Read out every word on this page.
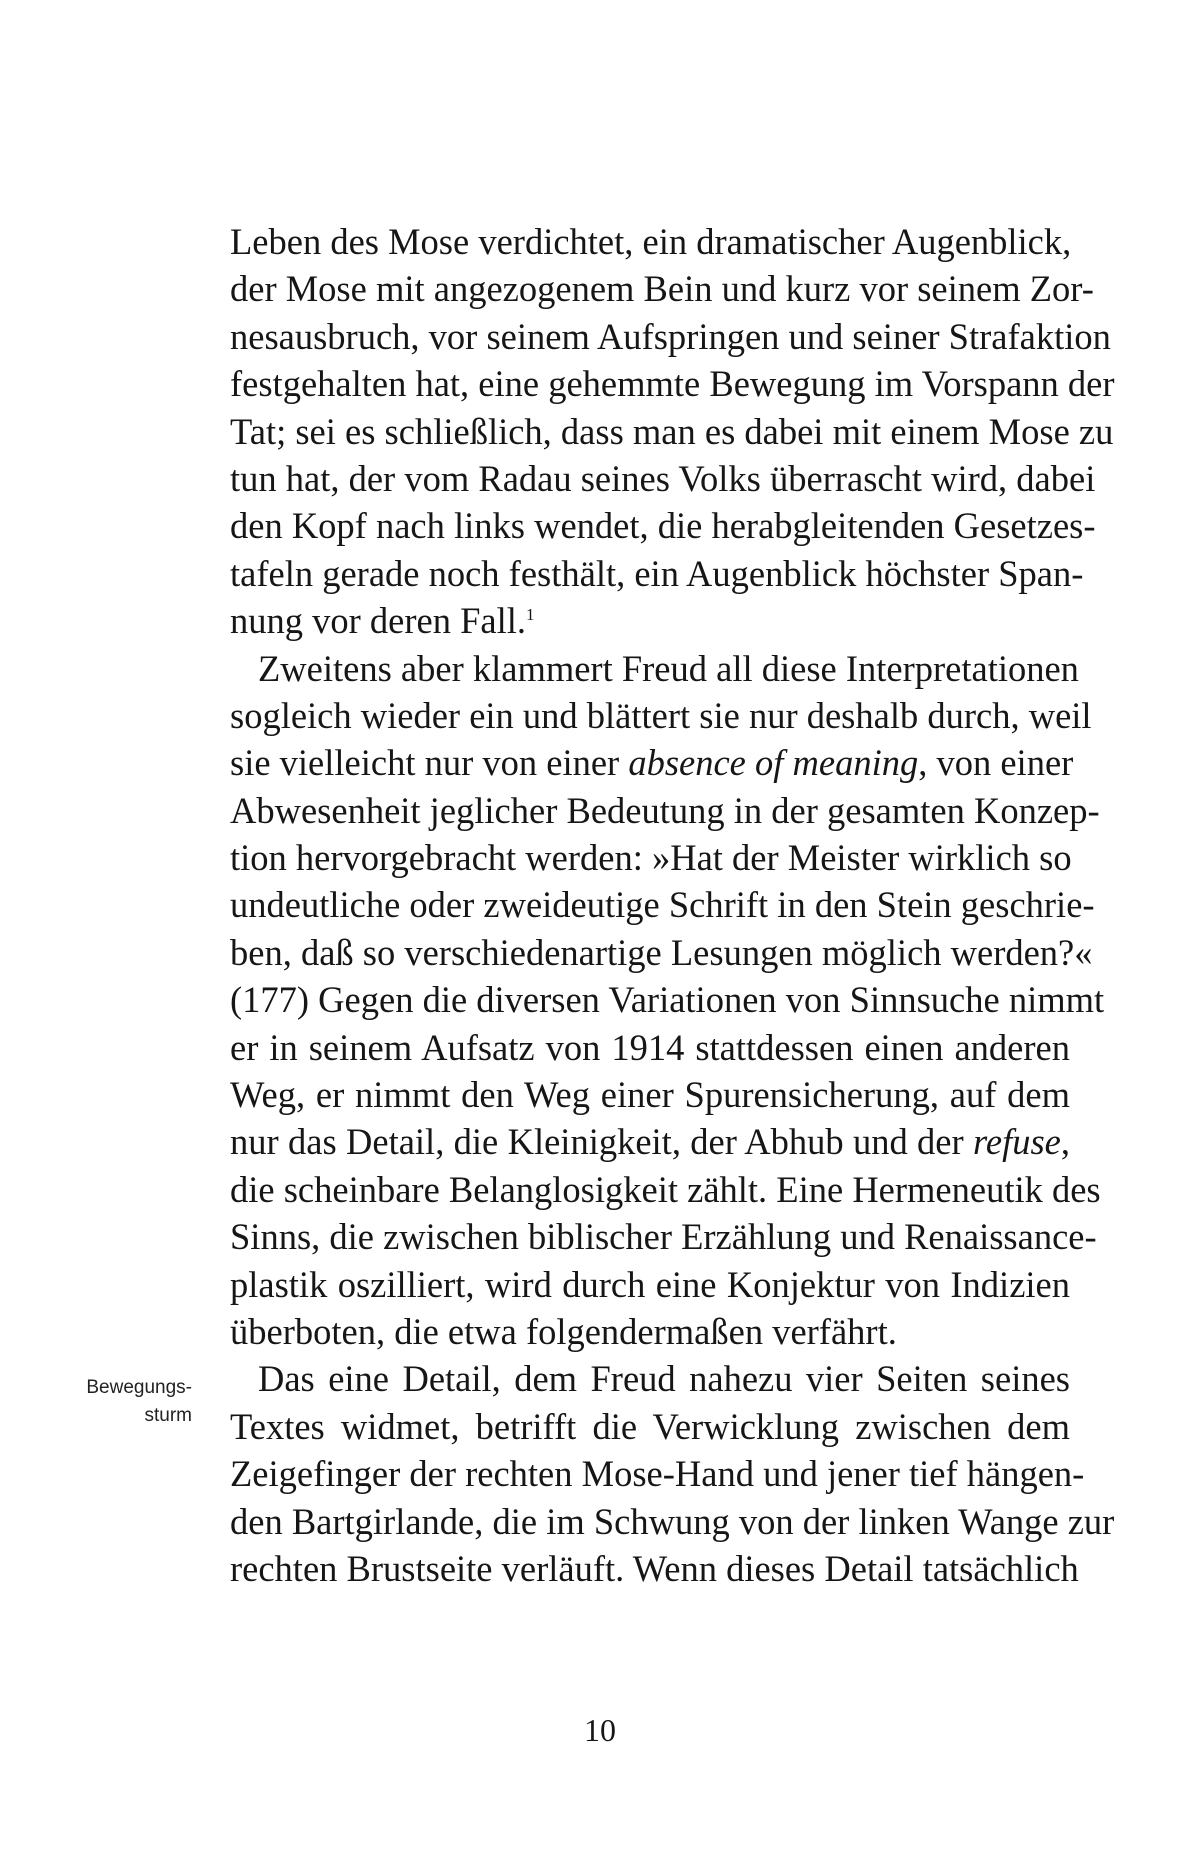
Leben des Mose verdichtet, ein dramatischer Augenblick,
der Mose mit angezogenem Bein und kurz vor seinem Zor-
nesausbruch, vor seinem Aufspringen und seiner Strafaktion
festgehalten hat, eine gehemmte Bewegung im Vorspann der
Tat; sei es schließlich, dass man es dabei mit einem Mose zu
tun hat, der vom Radau seines Volks überrascht wird, dabei
den Kopf nach links wendet, die herabgleitenden Gesetzes-
tafeln gerade noch festhält, ein Augenblick höchster Span-
nung vor deren Fall.$^1$
Zweitens aber klammert Freud all diese Interpretationen
sogleich wieder ein und blättert sie nur deshalb durch, weil
sie vielleicht nur von einer absence of meaning, von einer
Abwesenheit jeglicher Bedeutung in der gesamten Konzep-
tion hervorgebracht werden: »Hat der Meister wirklich so
undeutliche oder zweideutige Schrift in den Stein geschrie-
ben, daß so verschiedenartige Lesungen möglich werden?«
(177) Gegen die diversen Variationen von Sinnsuche nimmt
er in seinem Aufsatz von 1914 stattdessen einen anderen
Weg, er nimmt den Weg einer Spurensicherung, auf dem
nur das Detail, die Kleinigkeit, der Abhub und der refuse,
die scheinbare Belanglosigkeit zählt. Eine Hermeneutik des
Sinns, die zwischen biblischer Erzählung und Renaissance-
plastik oszilliert, wird durch eine Konjektur von Indizien
überboten, die etwa folgendermaßen verfährt.
Das eine Detail, dem Freud nahezu vier Seiten seines
Textes widmet, betrifft die Verwicklung zwischen dem
Zeigefinger der rechten Mose-Hand und jener tief hängen-
den Bartgirlande, die im Schwung von der linken Wange zur
rechten Brustseite verläuft. Wenn dieses Detail tatsächlich
Bewegungs-
sturm
10
